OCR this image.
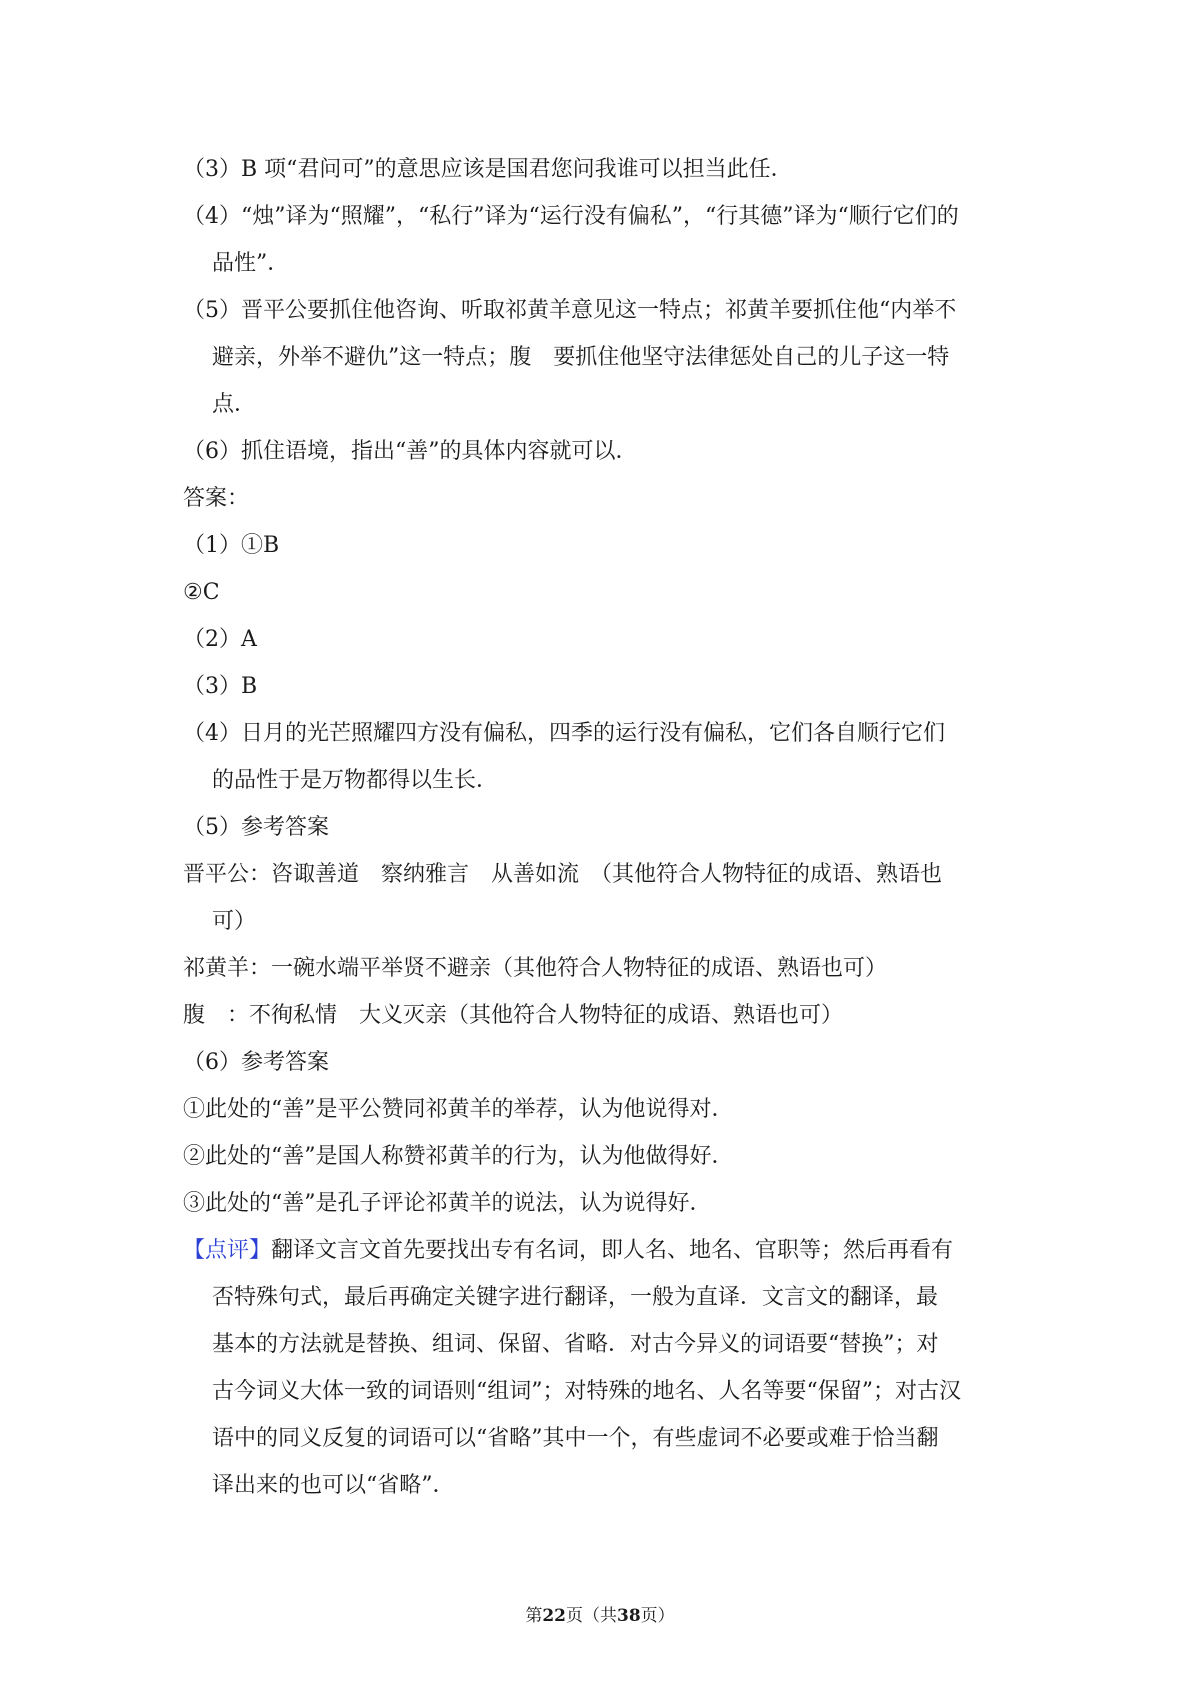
（3）B 项“君问可”的意思应该是国君您问我谁可以担当此任．
（4）“烛”译为“照耀”，“私行”译为“运行没有偏私”，“行其德”译为“顺行它们的
品性”．
（5）晋平公要抓住他咨询、听取祁黄羊意见这一特点；祁黄羊要抓住他“内举不
避亲，外举不避仇”这一特点；腹　要抓住他坚守法律惩处自己的儿子这一特
点．
（6）抓住语境，指出“善”的具体内容就可以．
答案：
（1）①B
②C
（2）A
（3）B
（4）日月的光芒照耀四方没有偏私，四季的运行没有偏私，它们各自顺行它们
的品性于是万物都得以生长．
（5）参考答案
晋平公：咨诹善道　察纳雅言　从善如流　（其他符合人物特征的成语、熟语也
可）
祁黄羊：一碗水端平举贤不避亲（其他符合人物特征的成语、熟语也可）
腹　：不徇私情　大义灭亲（其他符合人物特征的成语、熟语也可）
（6）参考答案
①此处的“善”是平公赞同祁黄羊的举荐，认为他说得对．
②此处的“善”是国人称赞祁黄羊的行为，认为他做得好．
③此处的“善”是孔子评论祁黄羊的说法，认为说得好．
【点评】翻译文言文首先要找出专有名词，即人名、地名、官职等；然后再看有
否特殊句式，最后再确定关键字进行翻译，一般为直译．文言文的翻译，最
基本的方法就是替换、组词、保留、省略．对古今异义的词语要“替换”；对
古今词义大体一致的词语则“组词”；对特殊的地名、人名等要“保留”；对古汉
语中的同义反复的词语可以“省略”其中一个，有些虚词不必要或难于恰当翻
译出来的也可以“省略”．
第22页（共38页）
